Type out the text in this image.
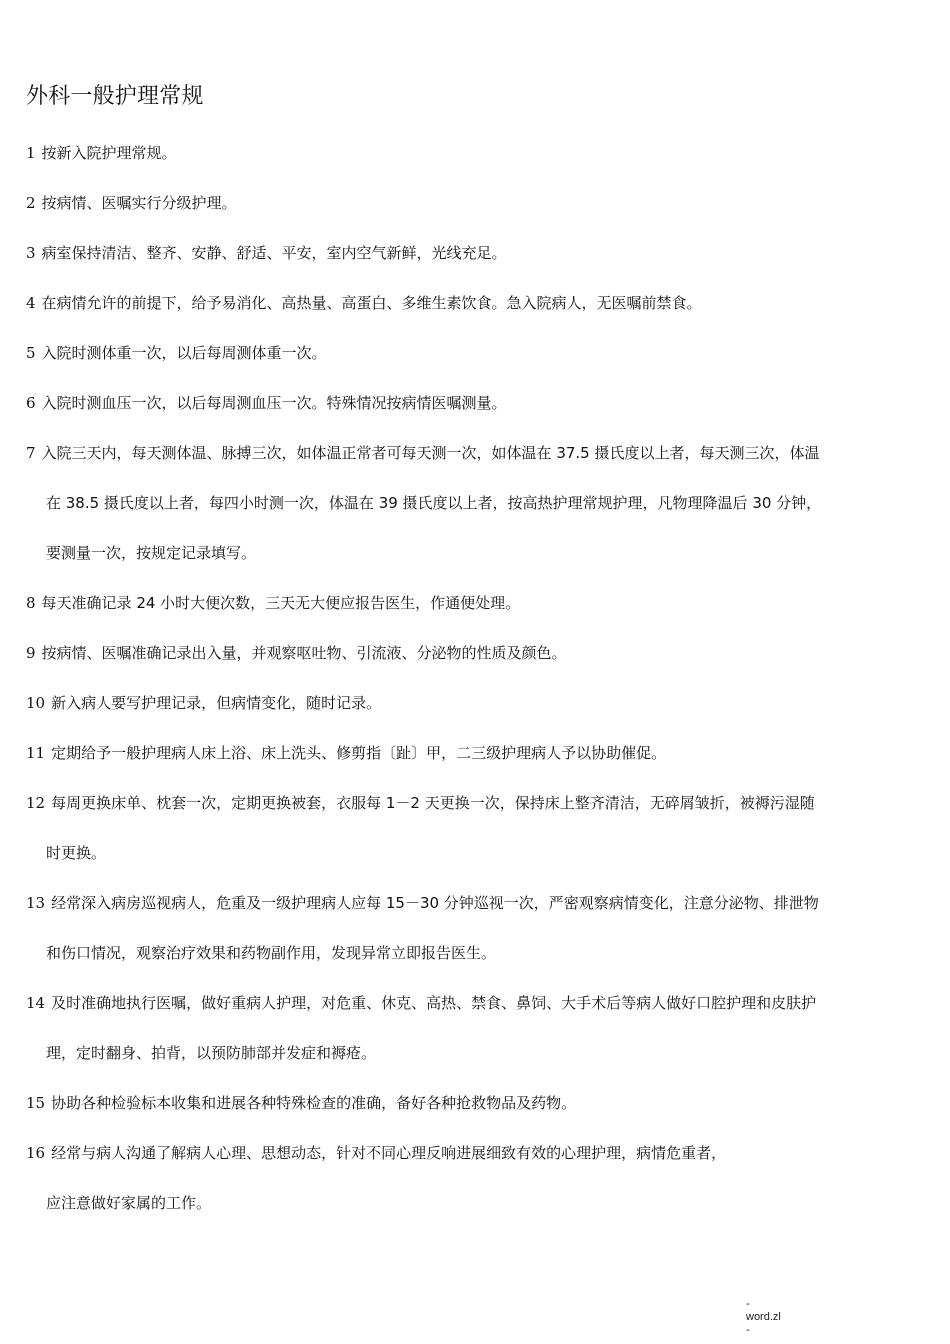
外科一般护理常规
1 按新入院护理常规。
2 按病情、医嘱实行分级护理。
3 病室保持清洁、整齐、安静、舒适、平安，室内空气新鲜，光线充足。
4 在病情允许的前提下，给予易消化、高热量、高蛋白、多维生素饮食。急入院病人，无医嘱前禁食。
5 入院时测体重一次，以后每周测体重一次。
6 入院时测血压一次，以后每周测血压一次。特殊情况按病情医嘱测量。
7 入院三天内，每天测体温、脉搏三次，如体温正常者可每天测一次，如体温在 37.5 摄氏度以上者，每天测三次，体温
在 38.5 摄氏度以上者，每四小时测一次，体温在 39 摄氏度以上者，按高热护理常规护理，凡物理降温后 30 分钟，
要测量一次，按规定记录填写。
8 每天准确记录 24 小时大便次数，三天无大便应报告医生，作通便处理。
9 按病情、医嘱准确记录出入量，并观察呕吐物、引流液、分泌物的性质及颜色。
10 新入病人要写护理记录，但病情变化，随时记录。
11 定期给予一般护理病人床上浴、床上洗头、修剪指〔趾〕甲，二三级护理病人予以协助催促。
12 每周更换床单、枕套一次，定期更换被套，衣服每 1－2 天更换一次，保持床上整齐清洁，无碎屑皱折，被褥污湿随
时更换。
13 经常深入病房巡视病人，危重及一级护理病人应每 15－30 分钟巡视一次，严密观察病情变化，注意分泌物、排泄物
和伤口情况，观察治疗效果和药物副作用，发现异常立即报告医生。
14 及时准确地执行医嘱，做好重病人护理，对危重、休克、高热、禁食、鼻饲、大手术后等病人做好口腔护理和皮肤护
理，定时翻身、拍背，以预防肺部并发症和褥疮。
15 协助各种检验标本收集和进展各种特殊检查的准确，备好各种抢救物品及药物。
16 经常与病人沟通了解病人心理、思想动态，针对不同心理反响进展细致有效的心理护理，病情危重者，
应注意做好家属的工作。
-
word.zl
-
